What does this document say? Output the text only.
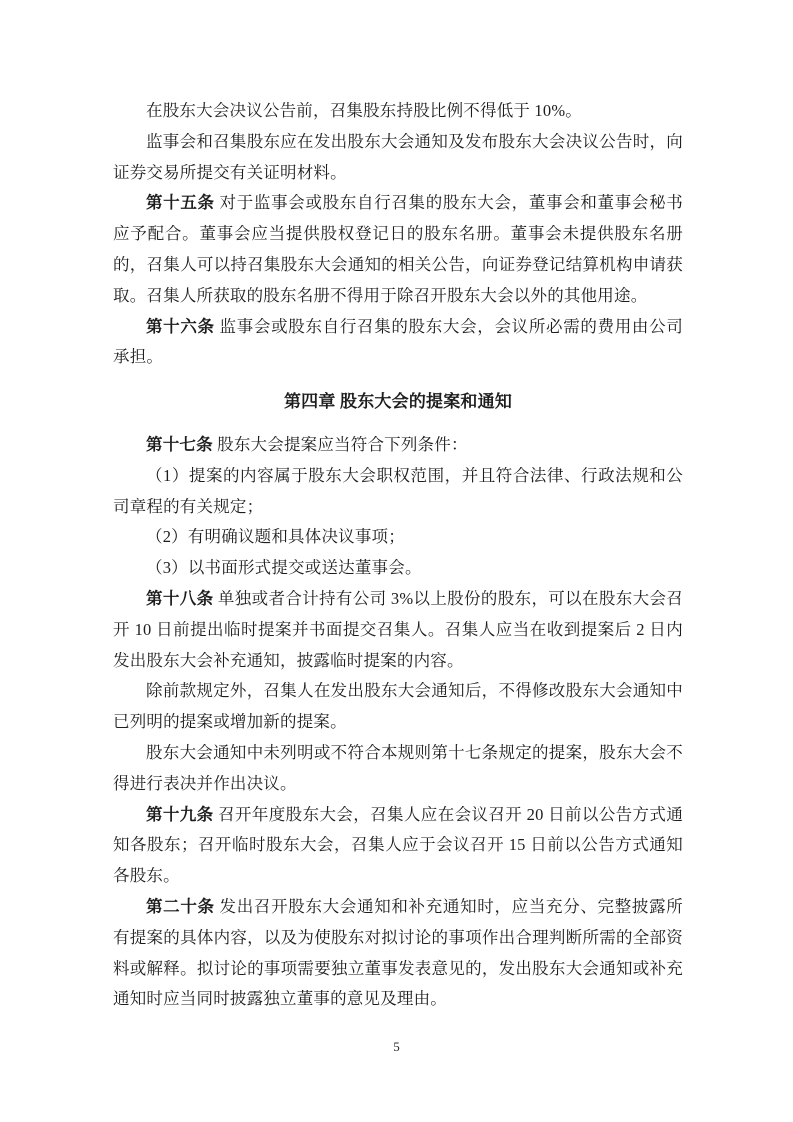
在股东大会决议公告前，召集股东持股比例不得低于 10%。

监事会和召集股东应在发出股东大会通知及发布股东大会决议公告时，向证券交易所提交有关证明材料。

第十五条 对于监事会或股东自行召集的股东大会，董事会和董事会秘书应予配合。董事会应当提供股权登记日的股东名册。董事会未提供股东名册的，召集人可以持召集股东大会通知的相关公告，向证券登记结算机构申请获取。召集人所获取的股东名册不得用于除召开股东大会以外的其他用途。

第十六条 监事会或股东自行召集的股东大会，会议所必需的费用由公司承担。

第四章 股东大会的提案和通知

第十七条 股东大会提案应当符合下列条件：

（1）提案的内容属于股东大会职权范围，并且符合法律、行政法规和公司章程的有关规定；

（2）有明确议题和具体决议事项；

（3）以书面形式提交或送达董事会。

第十八条 单独或者合计持有公司 3%以上股份的股东，可以在股东大会召开 10 日前提出临时提案并书面提交召集人。召集人应当在收到提案后 2 日内发出股东大会补充通知，披露临时提案的内容。

除前款规定外，召集人在发出股东大会通知后，不得修改股东大会通知中已列明的提案或增加新的提案。

股东大会通知中未列明或不符合本规则第十七条规定的提案，股东大会不得进行表决并作出决议。

第十九条 召开年度股东大会，召集人应在会议召开 20 日前以公告方式通知各股东；召开临时股东大会，召集人应于会议召开 15 日前以公告方式通知各股东。

第二十条 发出召开股东大会通知和补充通知时，应当充分、完整披露所有提案的具体内容，以及为使股东对拟讨论的事项作出合理判断所需的全部资料或解释。拟讨论的事项需要独立董事发表意见的，发出股东大会通知或补充通知时应当同时披露独立董事的意见及理由。

5
